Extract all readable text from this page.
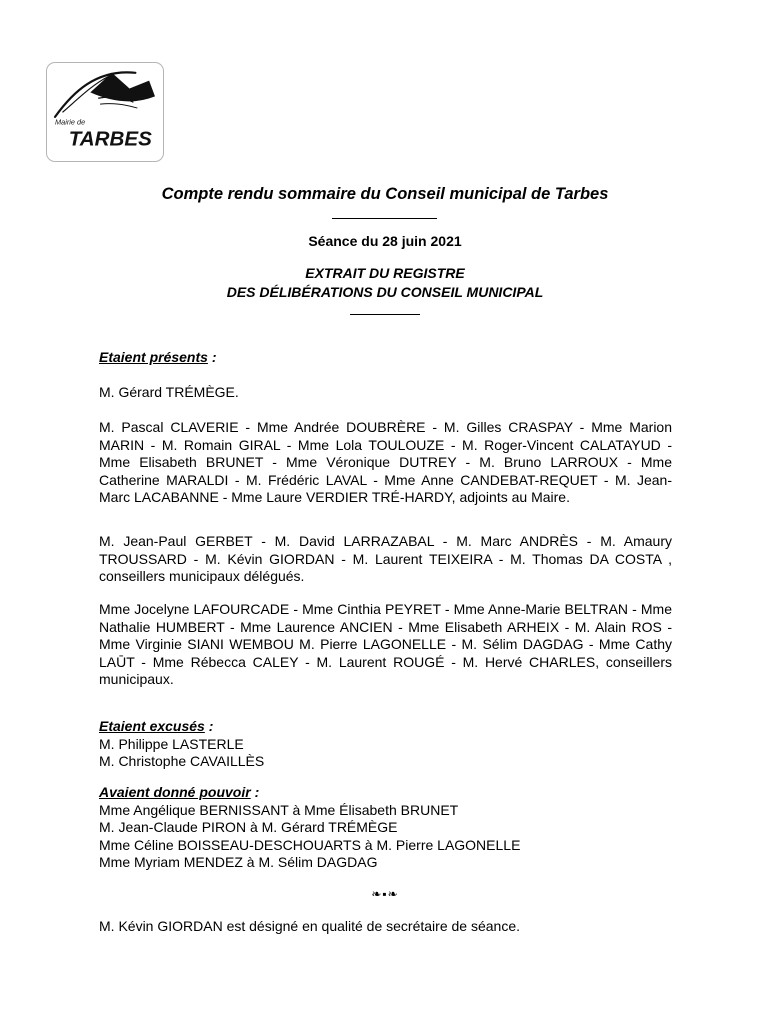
Mairie de
TARBES
Compte rendu sommaire du Conseil municipal de Tarbes
Séance du 28 juin 2021
EXTRAIT DU REGISTRE
DES DÉLIBÉRATIONS DU CONSEIL MUNICIPAL
Etaient présents :
M. Gérard TRÉMÈGE.
M. Pascal CLAVERIE - Mme Andrée DOUBRÈRE - M. Gilles CRASPAY - Mme Marion MARIN - M. Romain GIRAL - Mme Lola TOULOUZE - M. Roger-Vincent CALATAYUD - Mme Elisabeth BRUNET - Mme Véronique DUTREY - M. Bruno LARROUX - Mme Catherine MARALDI - M. Frédéric LAVAL - Mme Anne CANDEBAT-REQUET - M. Jean-Marc LACABANNE - Mme Laure VERDIER TRÉ-HARDY, adjoints au Maire.
M. Jean-Paul GERBET - M. David LARRAZABAL - M. Marc ANDRÈS - M. Amaury TROUSSARD - M. Kévin GIORDAN - M. Laurent TEIXEIRA - M. Thomas DA COSTA , conseillers municipaux délégués.
Mme Jocelyne LAFOURCADE - Mme Cinthia PEYRET - Mme Anne-Marie BELTRAN - Mme Nathalie HUMBERT - Mme Laurence ANCIEN - Mme Elisabeth ARHEIX - M. Alain ROS - Mme Virginie SIANI WEMBOU M. Pierre LAGONELLE - M. Sélim DAGDAG - Mme Cathy LAŪT - Mme Rébecca CALEY - M. Laurent ROUGÉ - M. Hervé CHARLES, conseillers municipaux.
Etaient excusés :
M. Philippe LASTERLE
M. Christophe CAVAILLÈS
Avaient donné pouvoir :
Mme Angélique BERNISSANT à Mme Élisabeth BRUNET
M. Jean-Claude PIRON à M. Gérard TRÉMÈGE
Mme Céline BOISSEAU-DESCHOUARTS à M. Pierre LAGONELLE
Mme Myriam MENDEZ à M. Sélim DAGDAG
❧▪❧
M. Kévin GIORDAN est désigné en qualité de secrétaire de séance.
